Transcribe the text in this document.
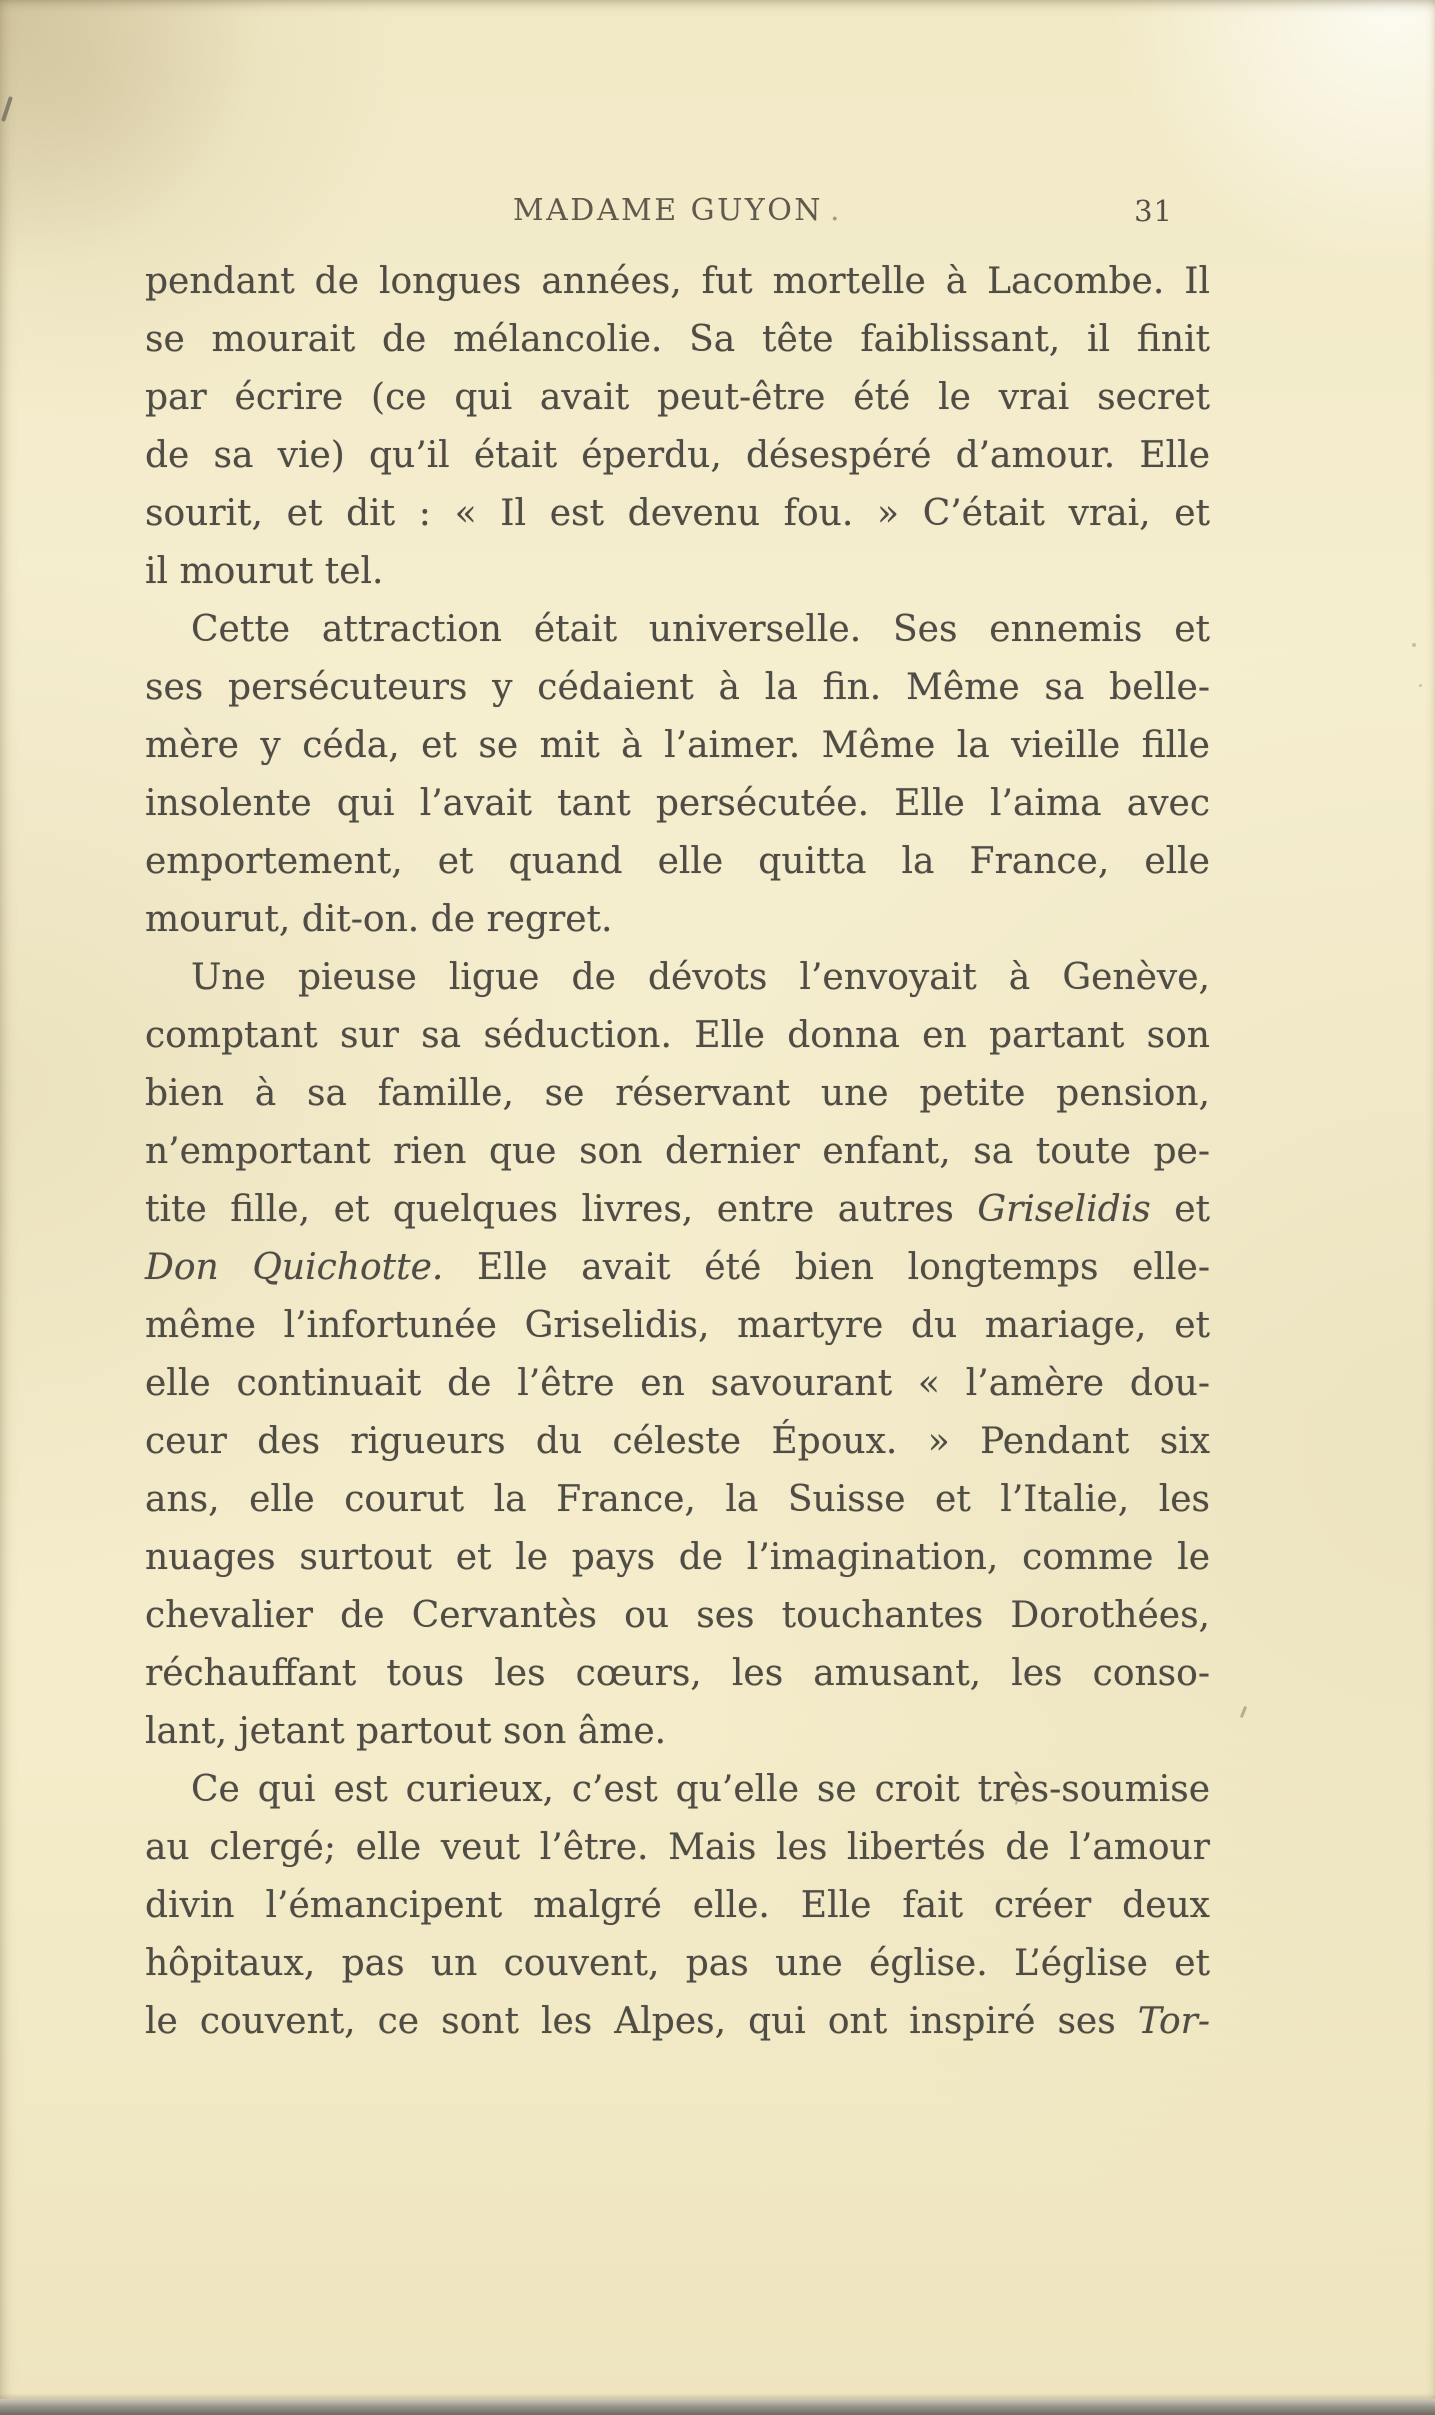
MADAME GUYON .	31
pendant de longues années, fut mortelle à Lacombe. Il
se mourait de mélancolie. Sa tête faiblissant, il finit
par écrire (ce qui avait peut-être été le vrai secret
de sa vie) qu’il était éperdu, désespéré d’amour. Elle
sourit, et dit : « Il est devenu fou. » C’était vrai, et
il mourut tel.
Cette attraction était universelle. Ses ennemis et
ses persécuteurs y cédaient à la fin. Même sa belle-
mère y céda, et se mit à l’aimer. Même la vieille fille
insolente qui l’avait tant persécutée. Elle l’aima avec
emportement, et quand elle quitta la France, elle
mourut, dit-on. de regret.
Une pieuse ligue de dévots l’envoyait à Genève,
comptant sur sa séduction. Elle donna en partant son
bien à sa famille, se réservant une petite pension,
n’emportant rien que son dernier enfant, sa toute pe-
tite fille, et quelques livres, entre autres Griselidis et
Don Quichotte. Elle avait été bien longtemps elle-
même l’infortunée Griselidis, martyre du mariage, et
elle continuait de l’être en savourant « l’amère dou-
ceur des rigueurs du céleste Époux. » Pendant six
ans, elle courut la France, la Suisse et l’Italie, les
nuages surtout et le pays de l’imagination, comme le
chevalier de Cervantès ou ses touchantes Dorothées,
réchauffant tous les cœurs, les amusant, les conso-
lant, jetant partout son âme.
Ce qui est curieux, c’est qu’elle se croit très-soumise
au clergé; elle veut l’être. Mais les libertés de l’amour
divin l’émancipent malgré elle. Elle fait créer deux
hôpitaux, pas un couvent, pas une église. L’église et
le couvent, ce sont les Alpes, qui ont inspiré ses Tor-
